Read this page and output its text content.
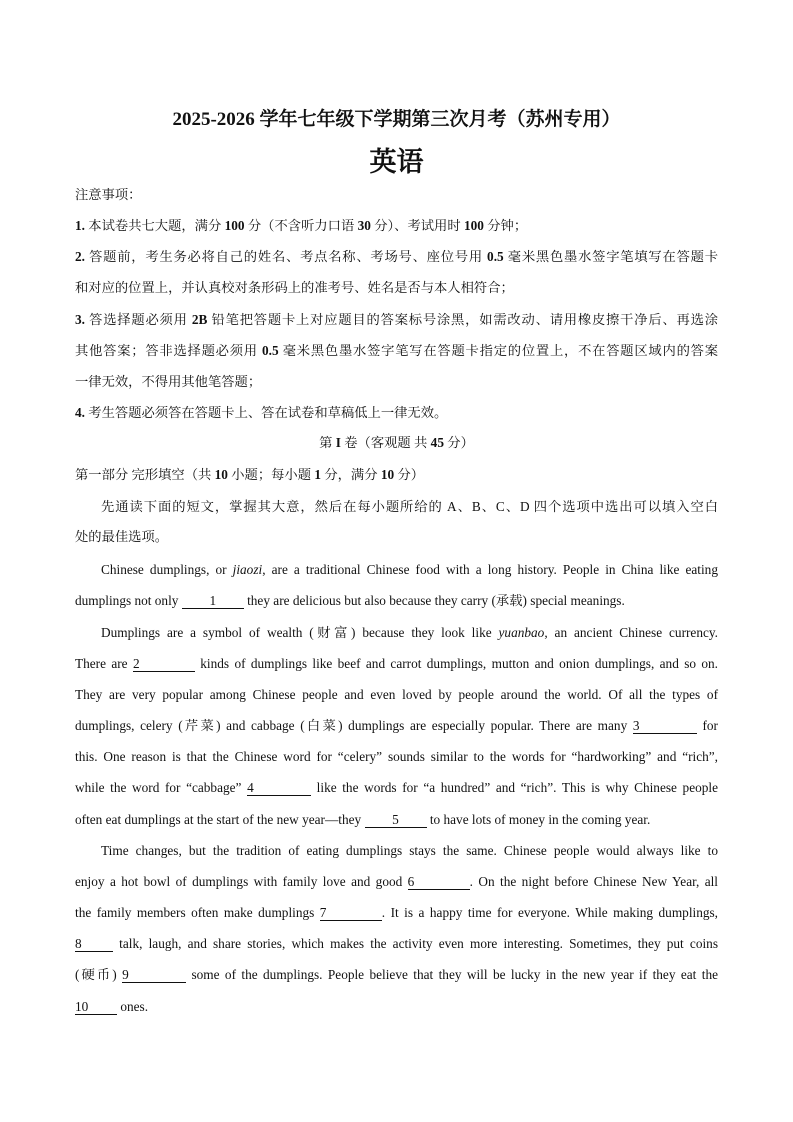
2025-2026 学年七年级下学期第三次月考（苏州专用）
英语
注意事项：
1. 本试卷共七大题，满分 100 分（不含听力口语 30 分）、考试用时 100 分钟；
2. 答题前，考生务必将自己的姓名、考点名称、考场号、座位号用 0.5 毫米黑色墨水签字笔填写在答题卡
和对应的位置上，并认真校对条形码上的准考号、姓名是否与本人相符合；
3. 答选择题必须用 2B 铅笔把答题卡上对应题目的答案标号涂黑，如需改动、请用橡皮擦干净后、再选涂
其他答案；答非选择题必须用 0.5 毫米黑色墨水签字笔写在答题卡指定的位置上，不在答题区域内的答案
一律无效，不得用其他笔答题；
4. 考生答题必须答在答题卡上、答在试卷和草稿低上一律无效。
第 I 卷（客观题 共 45 分）
第一部分 完形填空（共 10 小题；每小题 1 分，满分 10 分）
先通读下面的短文，掌握其大意，然后在每小题所给的 A、B、C、D 四个选项中选出可以填入空白
处的最佳选项。
Chinese dumplings, or jiaozi, are a traditional Chinese food with a long history. People in China like eating
dumplings not only 1 they are delicious but also because they carry (承载) special meanings.
Dumplings are a symbol of wealth (财富) because they look like yuanbao, an ancient Chinese currency.
There are 2	kinds of dumplings like beef and carrot dumplings, mutton and onion dumplings, and so on.
They are very popular among Chinese people and even loved by people around the world. Of all the types of
dumplings, celery (芹菜) and cabbage (白菜) dumplings are especially popular. There are many 3	for
this. One reason is that the Chinese word for “celery” sounds similar to the words for “hardworking” and “rich”,
while the word for “cabbage” 4	like the words for “a hundred” and “rich”. This is why Chinese people
often eat dumplings at the start of the new year—they 5 to have lots of money in the coming year.
Time changes, but the tradition of eating dumplings stays the same. Chinese people would always like to
enjoy a hot bowl of dumplings with family love and good 6	. On the night before Chinese New Year, all
the family members often make dumplings 7	. It is a happy time for everyone. While making dumplings,
8 talk, laugh, and share stories, which makes the activity even more interesting. Sometimes, they put coins
(硬币) 9	some of the dumplings. People believe that they will be lucky in the new year if they eat the
10 ones.
